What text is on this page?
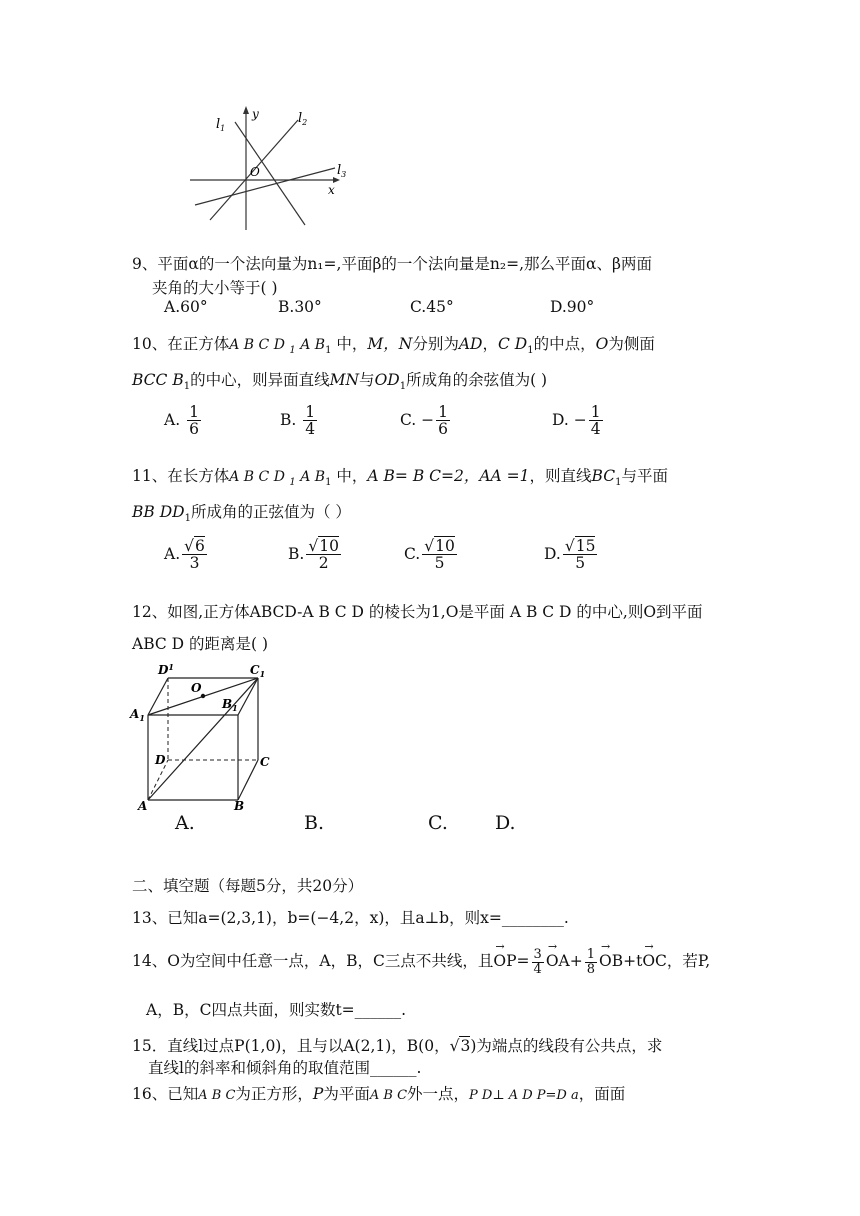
$l_1$
y	$l_2$
O	$l_3$
x
9、平面α的一个法向量为n₁=,平面β的一个法向量是n₂=,那么平面α、β两面
夹角的大小等于( )
A.60°	B.30°	C.45°	D.90°
10、在正方体A B C D $_1$ A $B_1$ 中，M，N分别为AD，C $D_1$的中点，O为侧面
BCC $B_1$的中心，则异面直线MN与$OD_1$所成角的余弦值为( )
A. $\frac{1}{6}$	B. $\frac{1}{4}$	C. − $\frac{1}{6}$	D. − $\frac{1}{4}$
11、在长方体A B C D $_1$ A $B_1$ 中，A B= B C=2，AA =1，则直线$BC_1$与平面
BB $DD_1$所成角的正弦值为（ ）
A. $\frac{√6}{3}$	B. $\frac{√10}{2}$	C. $\frac{√10}{5}$	D. $\frac{√15}{5}$
12、如图,正方体ABCD-A B C D 的棱长为1,O是平面 A B C D 的中心,则O到平面
ABC D 的距离是( )
$D^1$
$A_1$
$C_1$
$B_1$
O
D	C
A	B
A.	B.	C. D.
二、填空题（每题5分，共20分）
13、已知a=(2,3,1)，b=(−4,2，x)，且a⊥b，则x=________.
14、O为空间中任意一点，A，B，C三点不共线，且→ $OP= \frac{3}{4}$
→ $OA+ \frac{1}{8}$
→ OB+t→ OC，若P,
A，B，C四点共面，则实数t=______.
15．直线l过点P(1,0)，且与以A(2,1)，B(0，√3)为端点的线段有公共点，求
直线l的斜率和倾斜角的取值范围______.
16、已知A B C为正方形，P为平面A B C外一点，P D⊥ A D P=D a，面面
